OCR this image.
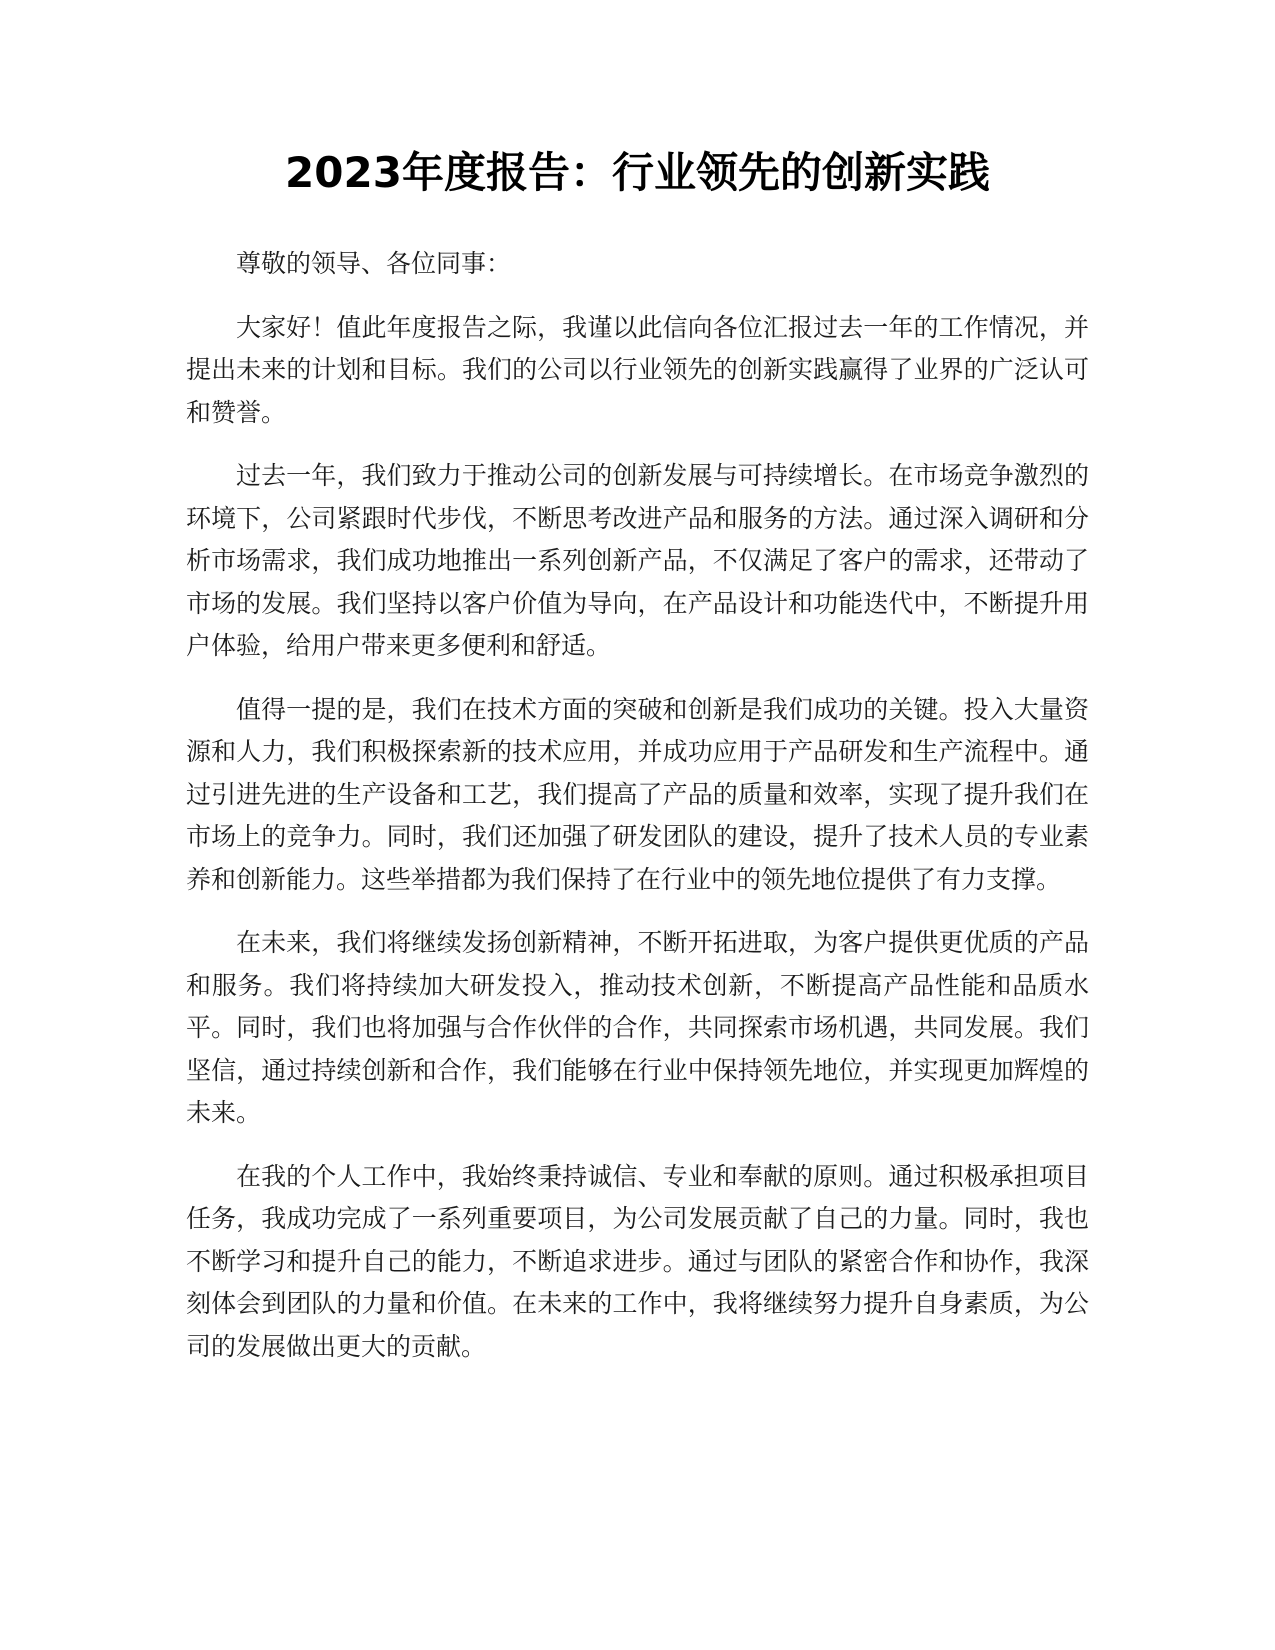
2023年度报告：行业领先的创新实践

尊敬的领导、各位同事：

大家好！值此年度报告之际，我谨以此信向各位汇报过去一年的工作情况，并提出未来的计划和目标。我们的公司以行业领先的创新实践赢得了业界的广泛认可和赞誉。

过去一年，我们致力于推动公司的创新发展与可持续增长。在市场竞争激烈的环境下，公司紧跟时代步伐，不断思考改进产品和服务的方法。通过深入调研和分析市场需求，我们成功地推出一系列创新产品，不仅满足了客户的需求，还带动了市场的发展。我们坚持以客户价值为导向，在产品设计和功能迭代中，不断提升用户体验，给用户带来更多便利和舒适。

值得一提的是，我们在技术方面的突破和创新是我们成功的关键。投入大量资源和人力，我们积极探索新的技术应用，并成功应用于产品研发和生产流程中。通过引进先进的生产设备和工艺，我们提高了产品的质量和效率，实现了提升我们在市场上的竞争力。同时，我们还加强了研发团队的建设，提升了技术人员的专业素养和创新能力。这些举措都为我们保持了在行业中的领先地位提供了有力支撑。

在未来，我们将继续发扬创新精神，不断开拓进取，为客户提供更优质的产品和服务。我们将持续加大研发投入，推动技术创新，不断提高产品性能和品质水平。同时，我们也将加强与合作伙伴的合作，共同探索市场机遇，共同发展。我们坚信，通过持续创新和合作，我们能够在行业中保持领先地位，并实现更加辉煌的未来。

在我的个人工作中，我始终秉持诚信、专业和奉献的原则。通过积极承担项目任务，我成功完成了一系列重要项目，为公司发展贡献了自己的力量。同时，我也不断学习和提升自己的能力，不断追求进步。通过与团队的紧密合作和协作，我深刻体会到团队的力量和价值。在未来的工作中，我将继续努力提升自身素质，为公司的发展做出更大的贡献。
